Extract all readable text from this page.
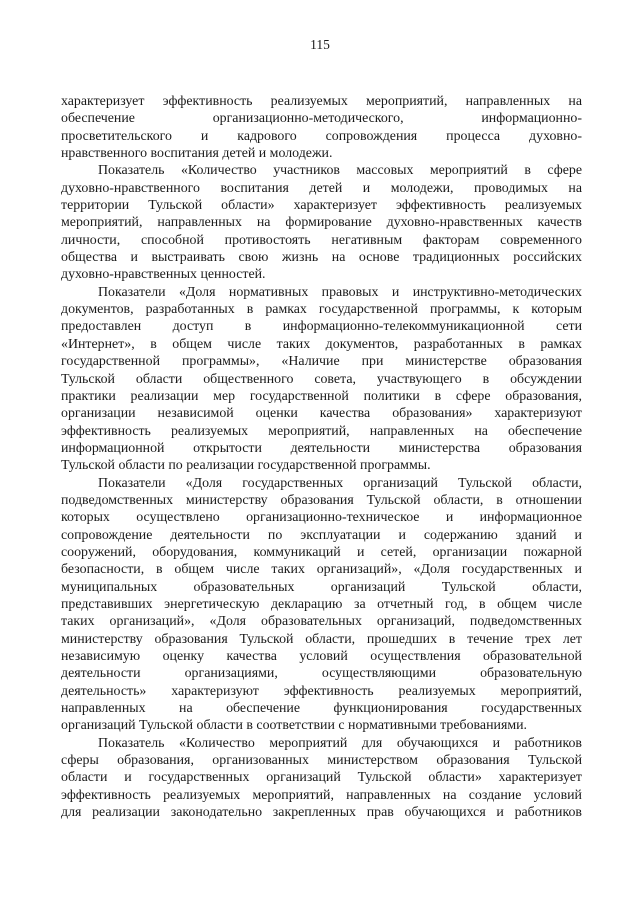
115

характеризует эффективность реализуемых мероприятий, направленных на
обеспечение организационно-методического, информационно-
просветительского и кадрового сопровождения процесса духовно-
нравственного воспитания детей и молодежи.

Показатель «Количество участников массовых мероприятий в сфере
духовно-нравственного воспитания детей и молодежи, проводимых на
территории Тульской области» характеризует эффективность реализуемых
мероприятий, направленных на формирование духовно-нравственных качеств
личности, способной противостоять негативным факторам современного
общества и выстраивать свою жизнь на основе традиционных российских
духовно-нравственных ценностей.

Показатели «Доля нормативных правовых и инструктивно-методических
документов, разработанных в рамках государственной программы, к которым
предоставлен доступ в информационно-телекоммуникационной сети
«Интернет», в общем числе таких документов, разработанных в рамках
государственной программы», «Наличие при министерстве образования
Тульской области общественного совета, участвующего в обсуждении
практики реализации мер государственной политики в сфере образования,
организации независимой оценки качества образования» характеризуют
эффективность реализуемых мероприятий, направленных на обеспечение
информационной открытости деятельности министерства образования
Тульской области по реализации государственной программы.

Показатели «Доля государственных организаций Тульской области,
подведомственных министерству образования Тульской области, в отношении
которых осуществлено организационно-техническое и информационное
сопровождение деятельности по эксплуатации и содержанию зданий и
сооружений, оборудования, коммуникаций и сетей, организации пожарной
безопасности, в общем числе таких организаций», «Доля государственных и
муниципальных образовательных организаций Тульской области,
представивших энергетическую декларацию за отчетный год, в общем числе
таких организаций», «Доля образовательных организаций, подведомственных
министерству образования Тульской области, прошедших в течение трех лет
независимую оценку качества условий осуществления образовательной
деятельности организациями, осуществляющими образовательную
деятельность» характеризуют эффективность реализуемых мероприятий,
направленных на обеспечение функционирования государственных
организаций Тульской области в соответствии с нормативными требованиями.

Показатель «Количество мероприятий для обучающихся и работников
сферы образования, организованных министерством образования Тульской
области и государственных организаций Тульской области» характеризует
эффективность реализуемых мероприятий, направленных на создание условий
для реализации законодательно закрепленных прав обучающихся и работников
